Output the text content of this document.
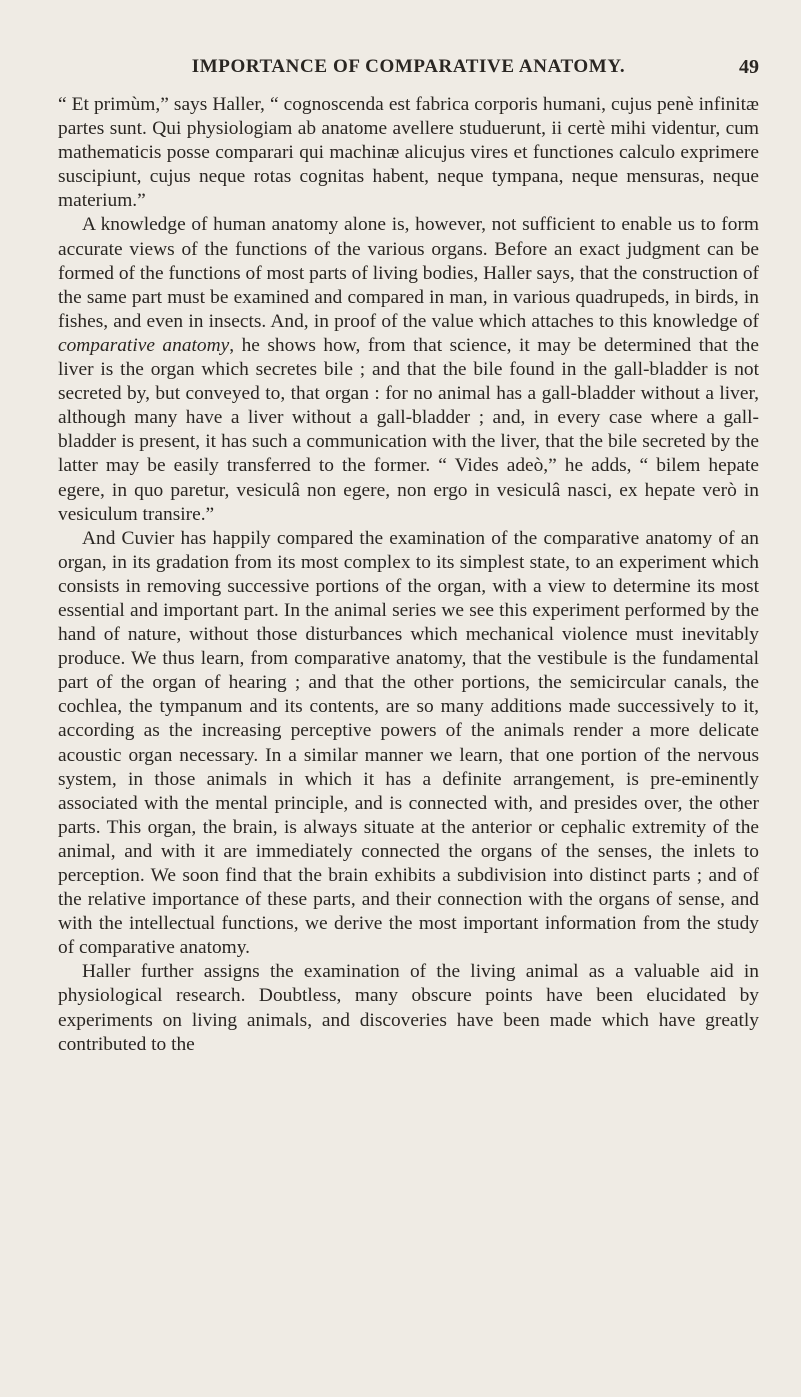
IMPORTANCE OF COMPARATIVE ANATOMY.	49

“ Et primùm,” says Haller, “ cognoscenda est fabrica corporis humani, cujus penè infinitæ partes sunt. Qui physiologiam ab anatome avellere studuerunt, ii certè mihi videntur, cum mathematicis posse comparari qui machinæ alicujus vires et functiones calculo exprimere suscipiunt, cujus neque rotas cognitas habent, neque tympana, neque mensuras, neque materium.”

A knowledge of human anatomy alone is, however, not sufficient to enable us to form accurate views of the functions of the various organs. Before an exact judgment can be formed of the functions of most parts of living bodies, Haller says, that the construction of the same part must be examined and compared in man, in various quadrupeds, in birds, in fishes, and even in insects. And, in proof of the value which attaches to this knowledge of comparative anatomy, he shows how, from that science, it may be determined that the liver is the organ which secretes bile ; and that the bile found in the gall-bladder is not secreted by, but conveyed to, that organ : for no animal has a gall-bladder without a liver, although many have a liver without a gall-bladder ; and, in every case where a gall-bladder is present, it has such a communication with the liver, that the bile secreted by the latter may be easily transferred to the former. “ Vides adeò,” he adds, “ bilem hepate egere, in quo paretur, vesiculâ non egere, non ergo in vesiculâ nasci, ex hepate verò in vesiculum transire.”

And Cuvier has happily compared the examination of the comparative anatomy of an organ, in its gradation from its most complex to its simplest state, to an experiment which consists in removing successive portions of the organ, with a view to determine its most essential and important part. In the animal series we see this experiment performed by the hand of nature, without those disturbances which mechanical violence must inevitably produce. We thus learn, from comparative anatomy, that the vestibule is the fundamental part of the organ of hearing ; and that the other portions, the semicircular canals, the cochlea, the tympanum and its contents, are so many additions made successively to it, according as the increasing perceptive powers of the animals render a more delicate acoustic organ necessary. In a similar manner we learn, that one portion of the nervous system, in those animals in which it has a definite arrangement, is pre-eminently associated with the mental principle, and is connected with, and presides over, the other parts. This organ, the brain, is always situate at the anterior or cephalic extremity of the animal, and with it are immediately connected the organs of the senses, the inlets to perception. We soon find that the brain exhibits a subdivision into distinct parts ; and of the relative importance of these parts, and their connection with the organs of sense, and with the intellectual functions, we derive the most important information from the study of comparative anatomy.

Haller further assigns the examination of the living animal as a valuable aid in physiological research. Doubtless, many obscure points have been elucidated by experiments on living animals, and discoveries have been made which have greatly contributed to the
